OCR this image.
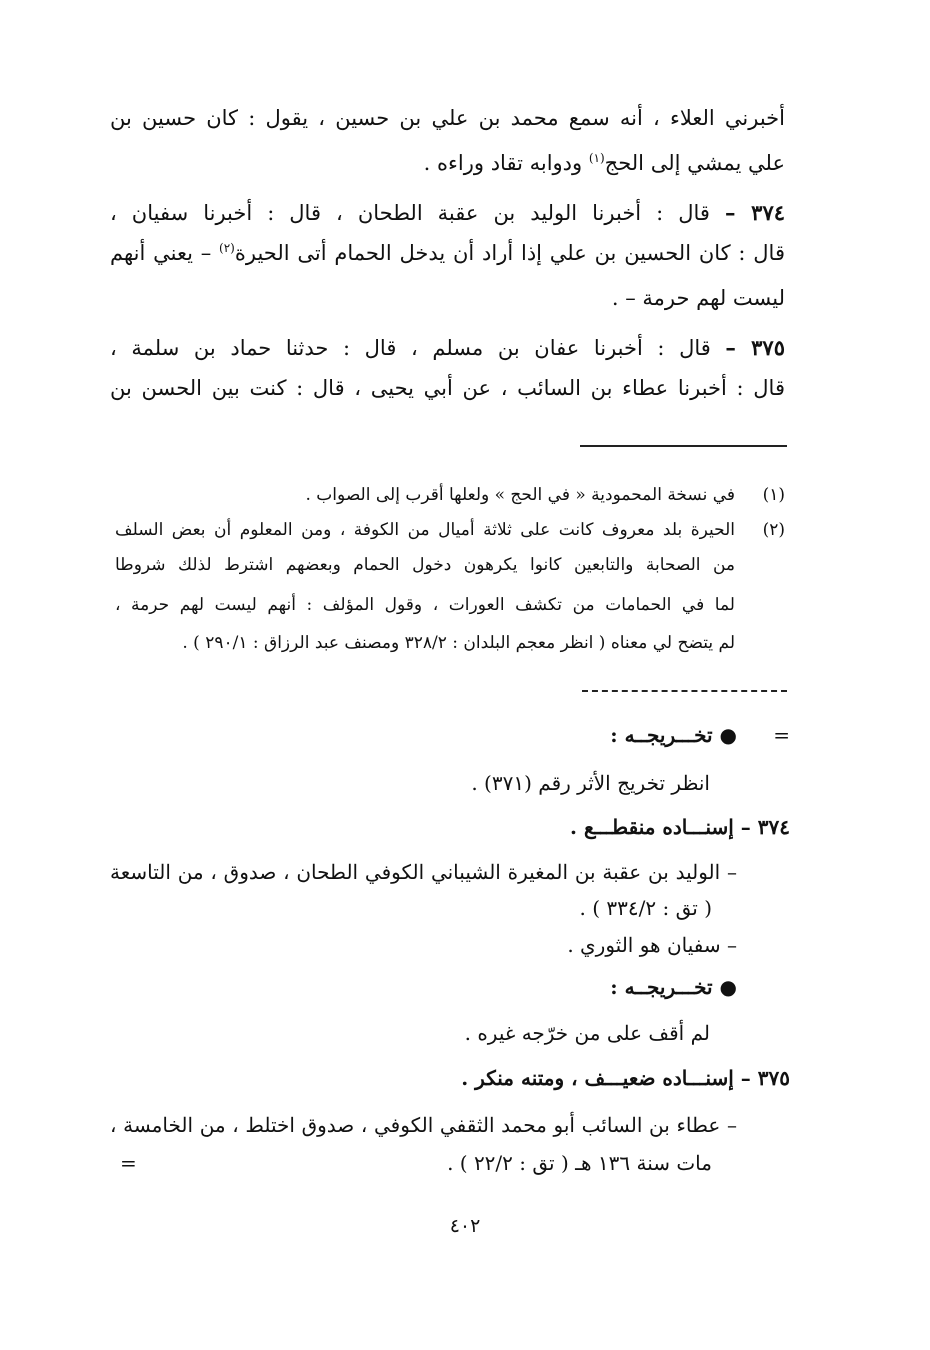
أخبرني العلاء ، أنه سمع محمد بن علي بن حسين ، يقول : كان حسين بن
علي يمشي إلى الحج$^{(١)}$ ودوابه تقاد وراءه .
٣٧٤ – قال : أخبرنا الوليد بن عقبة الطحان ، قال : أخبرنا سفيان ،
قال : كان الحسين بن علي إذا أراد أن يدخل الحمام أتى الحيرة$^{(٢)}$ – يعني أنهم
ليست لهم حرمة – .
٣٧٥ – قال : أخبرنا عفان بن مسلم ، قال : حدثنا حماد بن سلمة ،
قال : أخبرنا عطاء بن السائب ، عن أبي يحيى ، قال : كنت بين الحسن بن
(١)
في نسخة المحمودية « في الحج » ولعلها أقرب إلى الصواب .
(٢)
الحيرة بلد معروف كانت على ثلاثة أميال من الكوفة ، ومن المعلوم أن بعض السلف
من الصحابة والتابعين كانوا يكرهون دخول الحمام وبعضهم اشترط لذلك شروطا
لما في الحمامات من تكشف العورات ، وقول المؤلف : أنهم ليست لهم حرمة ،
لم يتضح لي معناه ( انظر معجم البلدان : ٣٢٨/٢ ومصنف عبد الرزاق : ٢٩٠/١ ) .
=
● تخـــريجــه :
انظر تخريج الأثر رقم (٣٧١) .
٣٧٤ – إسنـــاده منقطـــع .
– الوليد بن عقبة بن المغيرة الشيباني الكوفي الطحان ، صدوق ، من التاسعة
( تق : ٣٣٤/٢ ) .
– سفيان هو الثوري .
● تخـــريجــه :
لم أقف على من خرّجه غيره .
٣٧٥ – إسنـــاده ضعيـــف ، ومتنه منكر .
– عطاء بن السائب أبو محمد الثقفي الكوفي ، صدوق اختلط ، من الخامسة ،
مات سنة ١٣٦ هـ ( تق : ٢٢/٢ ) .
=
٤٠٢
